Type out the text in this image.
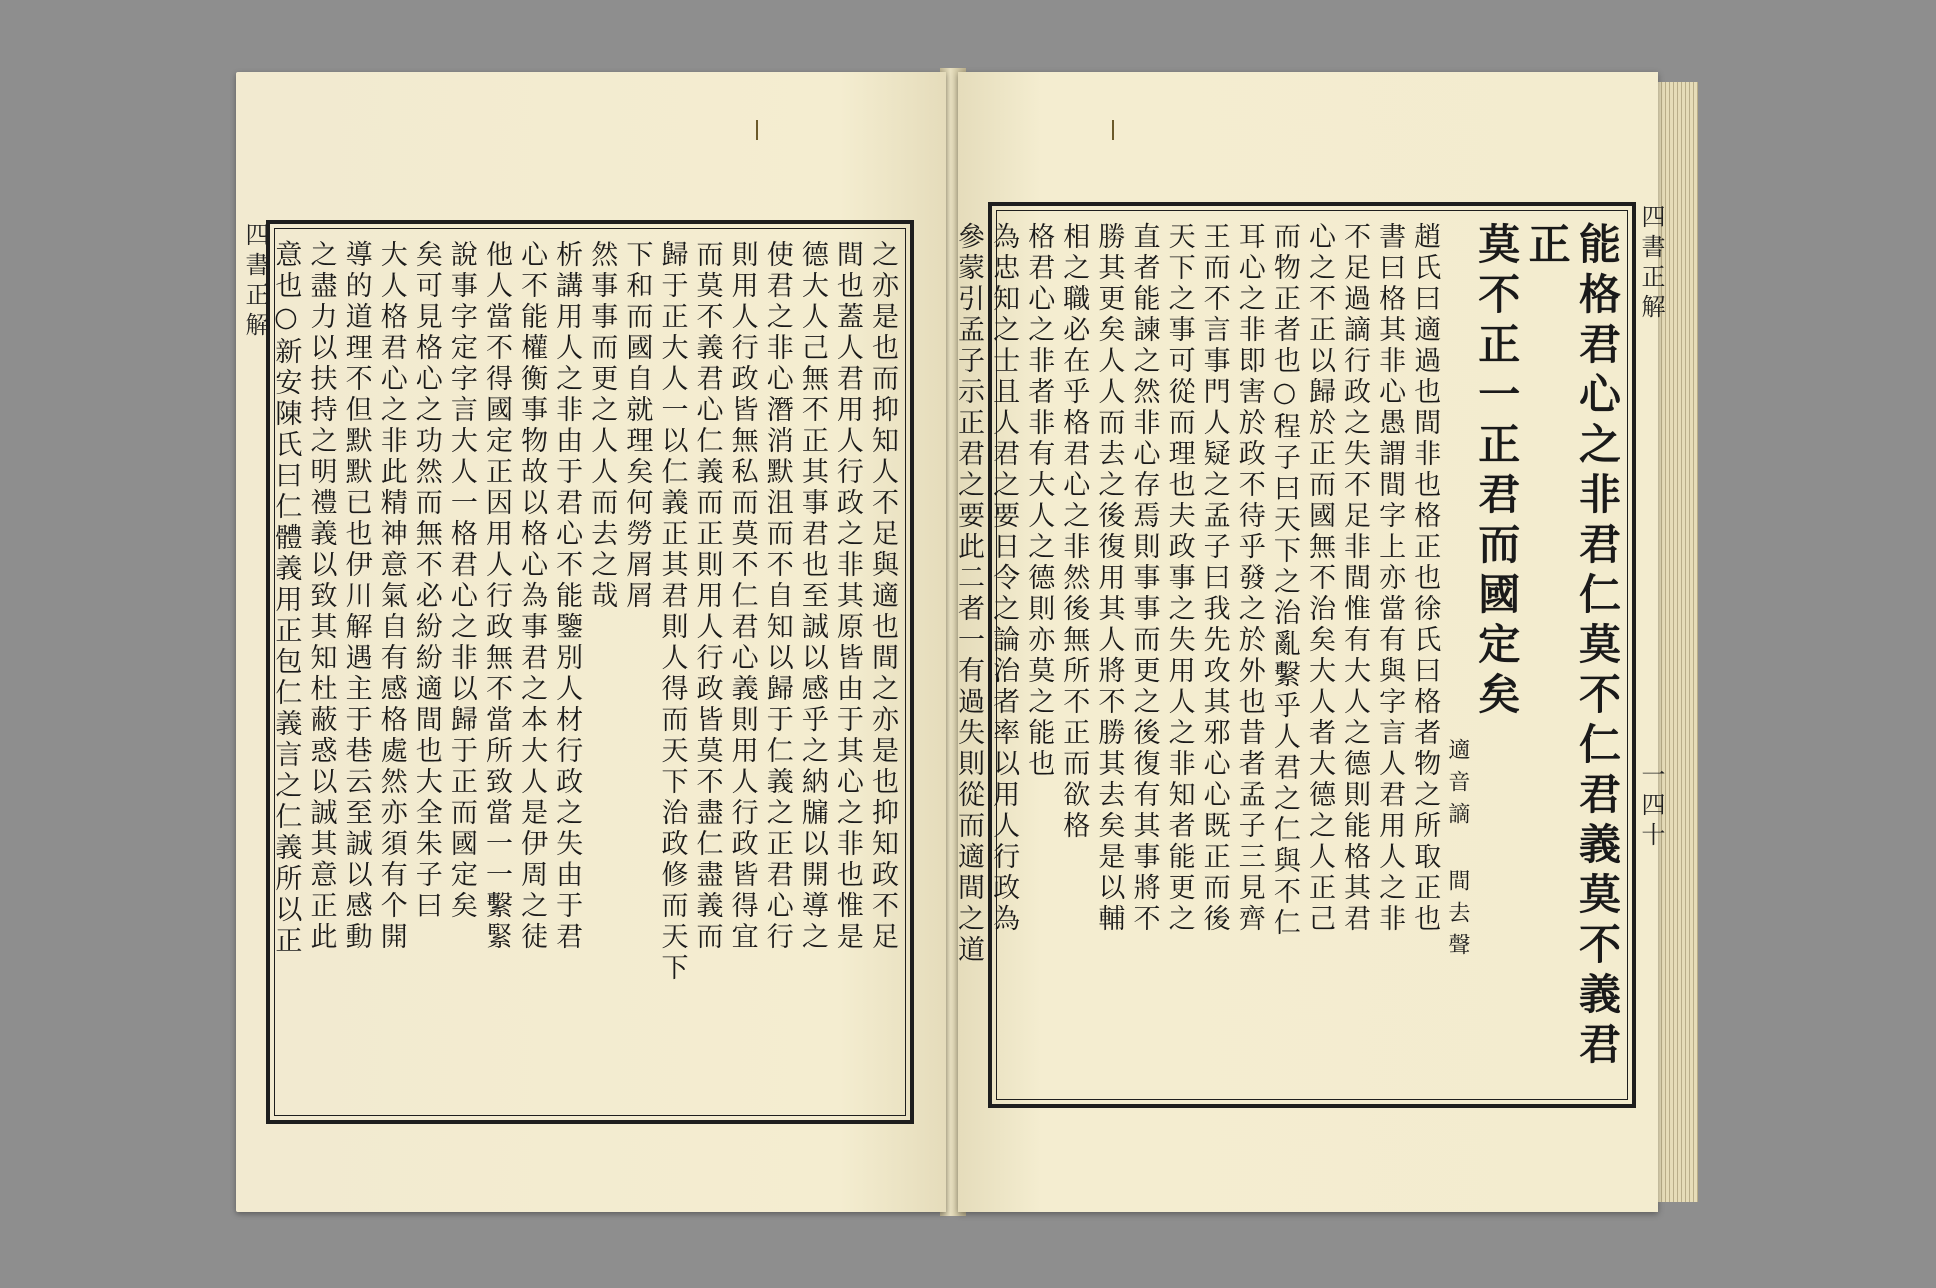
四書正解	之亦是也而抑知人不足與適也間之亦是也抑知政不足
間也蓋人君用人行政之非其原皆由于其心之非也惟是
德大人己無不正其事君也至誠以感乎之納牖以開導之
使君之非心潛消默沮而不自知以歸于仁義之正君心行
則用人行政皆無私而莫不仁君心義則用人行政皆得宜
而莫不義君心仁義而正則用人行政皆莫不盡仁盡義而
歸于正大人一以仁義正其君則人得而天下治政修而天下
下和而國自就理矣何勞屑屑
然事事而更之人人而去之哉
析講用人之非由于君心不能鑒別人材行政之失由于君
心不能權衡事物故以格心為事君之本大人是伊周之徒
他人當不得國定正因用人行政無不當所致當一一繫緊
說事字定字言大人一格君心之非以歸于正而國定矣
矣可見格心之功然而無不必紛紛適間也大全朱子曰
大人格君心之非此精神意氣自有感格處然亦須有个開
導的道理不但默默已也伊川解遇主于巷云至誠以感動
之盡力以扶持之明禮義以致其知杜蔽惑以誠其意正此
意也○新安陳氏曰仁體義用正包仁義言之仁義所以正	四書正解
一四十
能格君心之非君仁莫不仁君義莫不義君正
莫不正一正君而國定矣
適音謫 間去聲
趙氏曰適過也間非也格正也徐氏曰格者物之所取正也
書曰格其非心愚謂間字上亦當有與字言人君用人之非
不足過謫行政之失不足非間惟有大人之德則能格其君
心之不正以歸於正而國無不治矣大人者大德之人正己
而物正者也○程子曰天下之治亂繫乎人君之仁與不仁
耳心之非即害於政不待乎發之於外也昔者孟子三見齊
王而不言事門人疑之孟子曰我先攻其邪心心既正而後
天下之事可從而理也夫政事之失用人之非知者能更之
直者能諫之然非心存焉則事事而更之後復有其事將不
勝其更矣人人而去之後復用其人將不勝其去矣是以輔
相之職必在乎格君心之非然後無所不正而欲格
格君心之非者非有大人之德則亦莫之能也
為忠知之士且人君之要日令之論治者率以用人行政為
參蒙引孟子示正君之要此二者一有過失則從而適間之道
